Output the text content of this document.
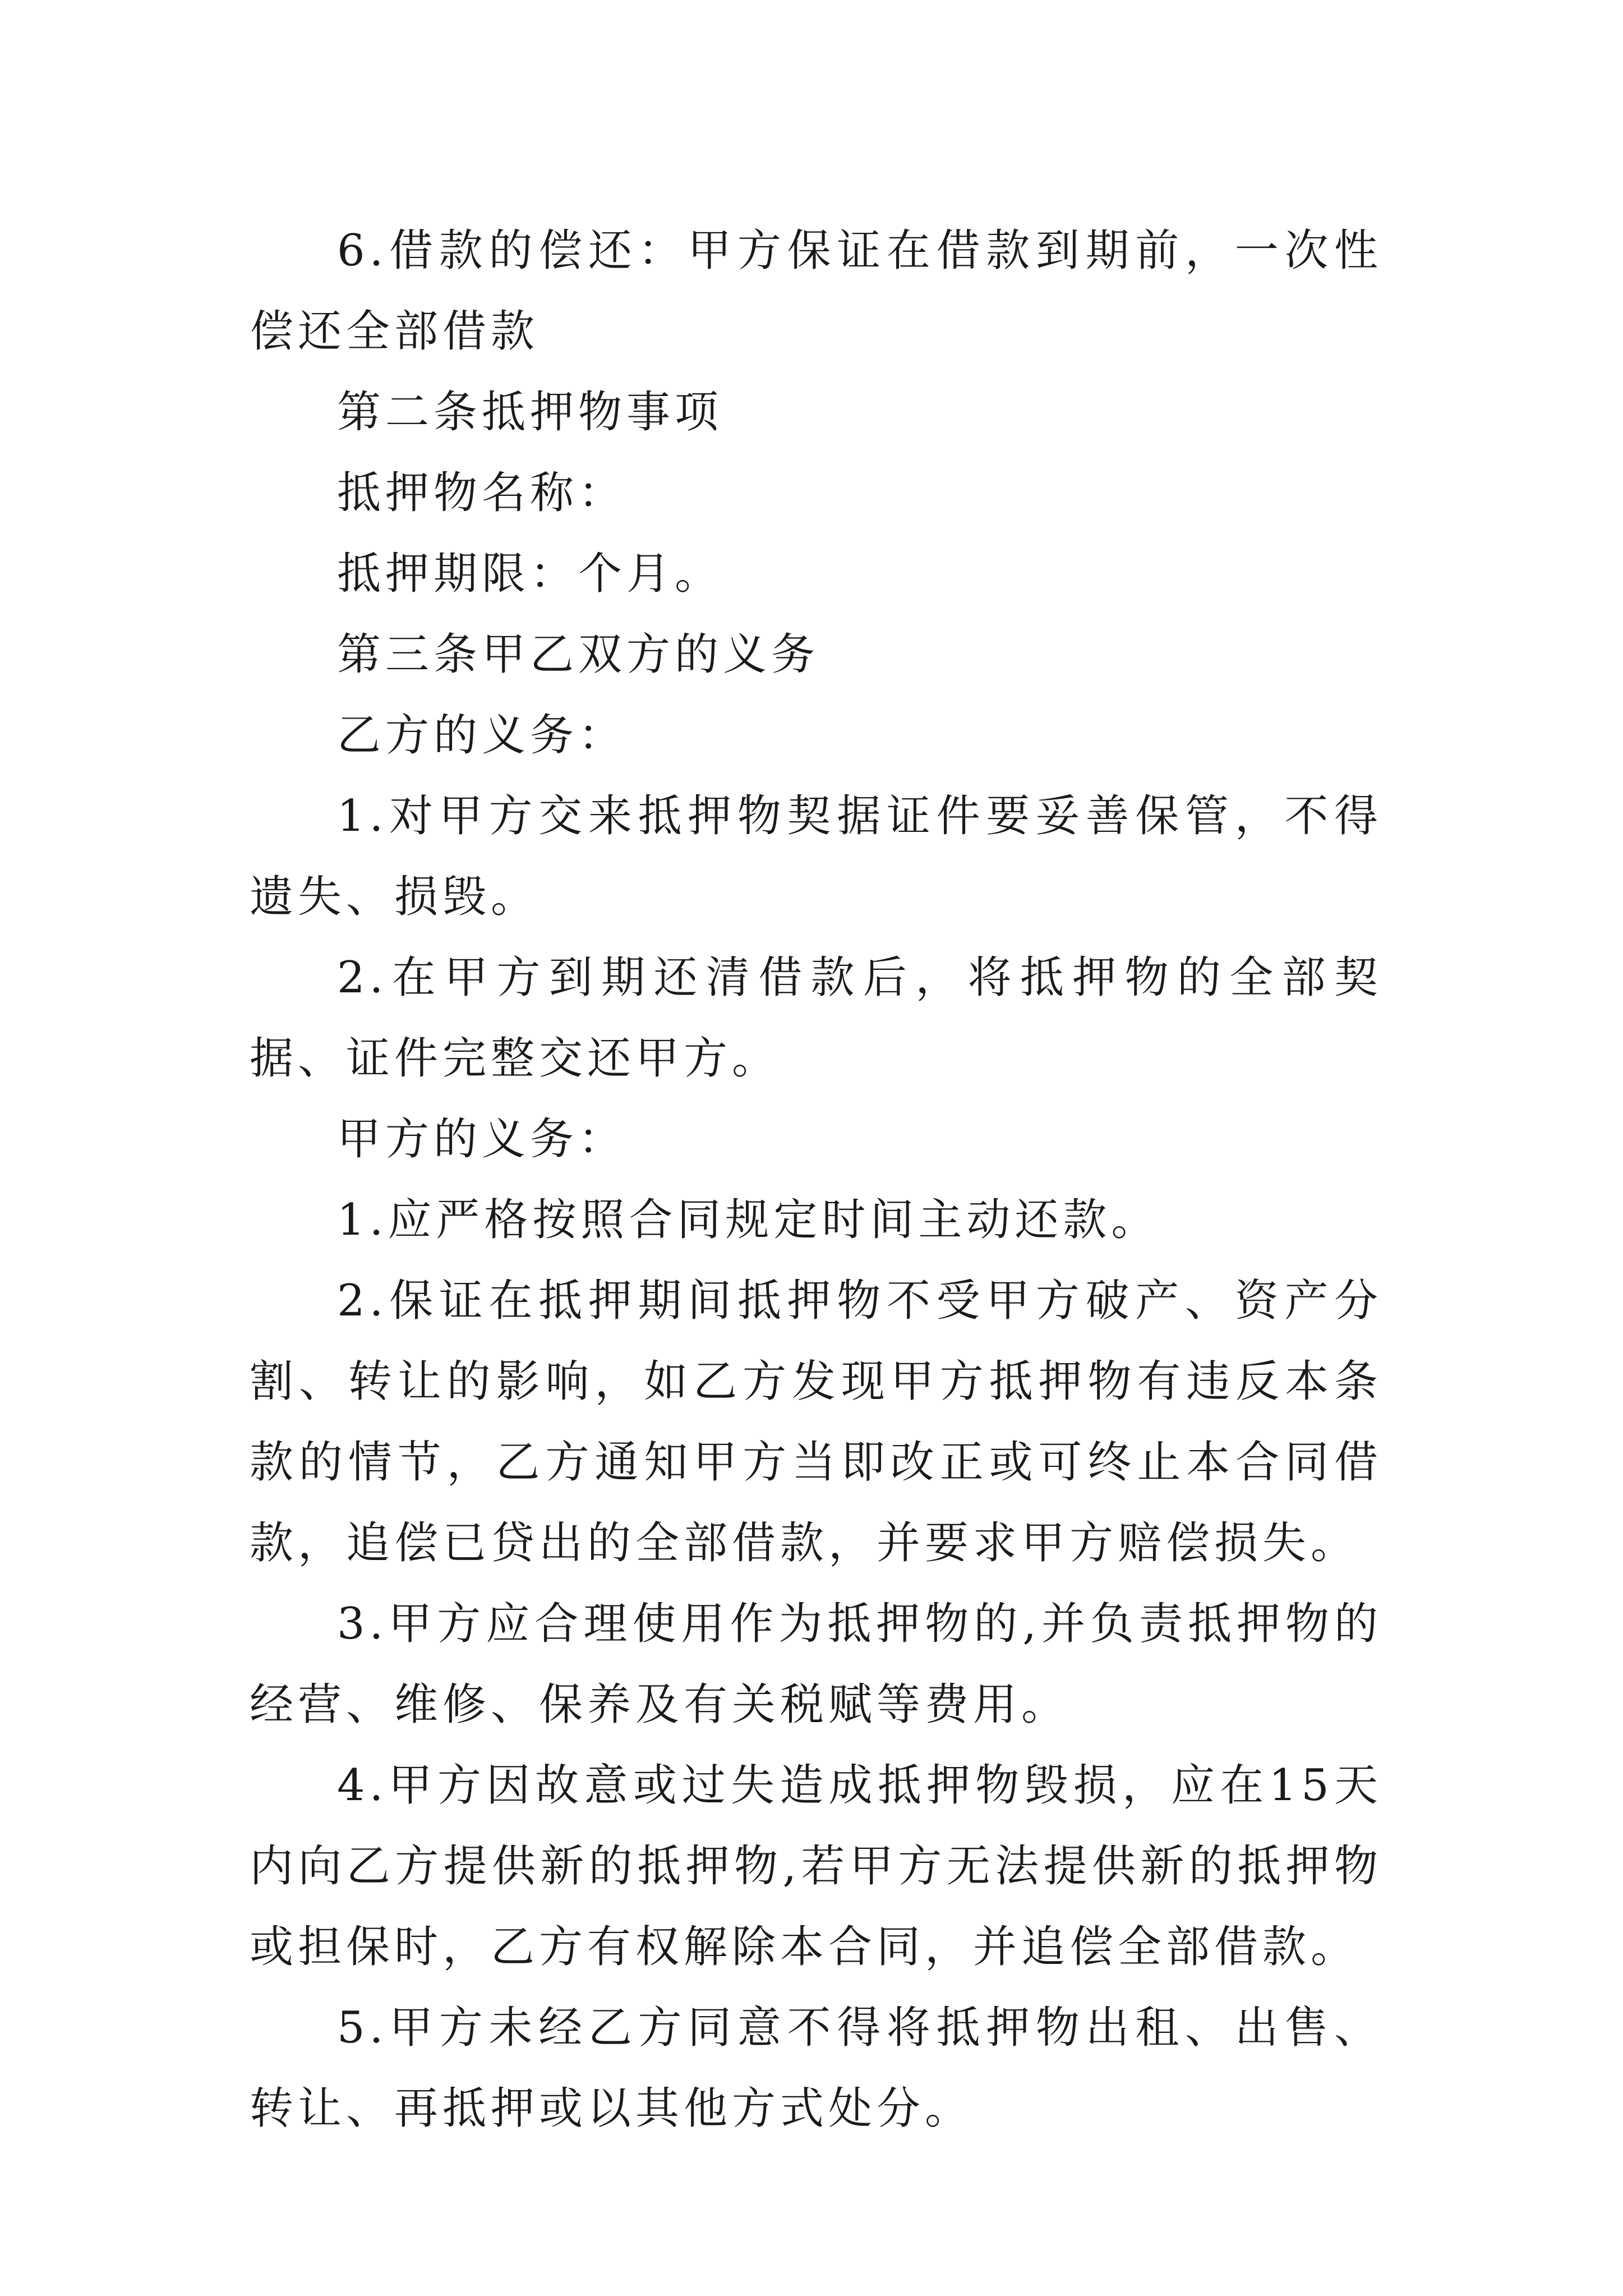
6.借款的偿还：甲方保证在借款到期前，一次性偿还全部借款

第二条抵押物事项

抵押物名称：

抵押期限：个月。

第三条甲乙双方的义务

乙方的义务：

1.对甲方交来抵押物契据证件要妥善保管，不得遗失、损毁。

2.在甲方到期还清借款后，将抵押物的全部契据、证件完整交还甲方。

甲方的义务：

1.应严格按照合同规定时间主动还款。

2.保证在抵押期间抵押物不受甲方破产、资产分割、转让的影响，如乙方发现甲方抵押物有违反本条款的情节，乙方通知甲方当即改正或可终止本合同借款，追偿已贷出的全部借款，并要求甲方赔偿损失。

3.甲方应合理使用作为抵押物的,并负责抵押物的经营、维修、保养及有关税赋等费用。

4.甲方因故意或过失造成抵押物毁损，应在15天内向乙方提供新的抵押物,若甲方无法提供新的抵押物或担保时，乙方有权解除本合同，并追偿全部借款。

5.甲方未经乙方同意不得将抵押物出租、出售、转让、再抵押或以其他方式处分。
